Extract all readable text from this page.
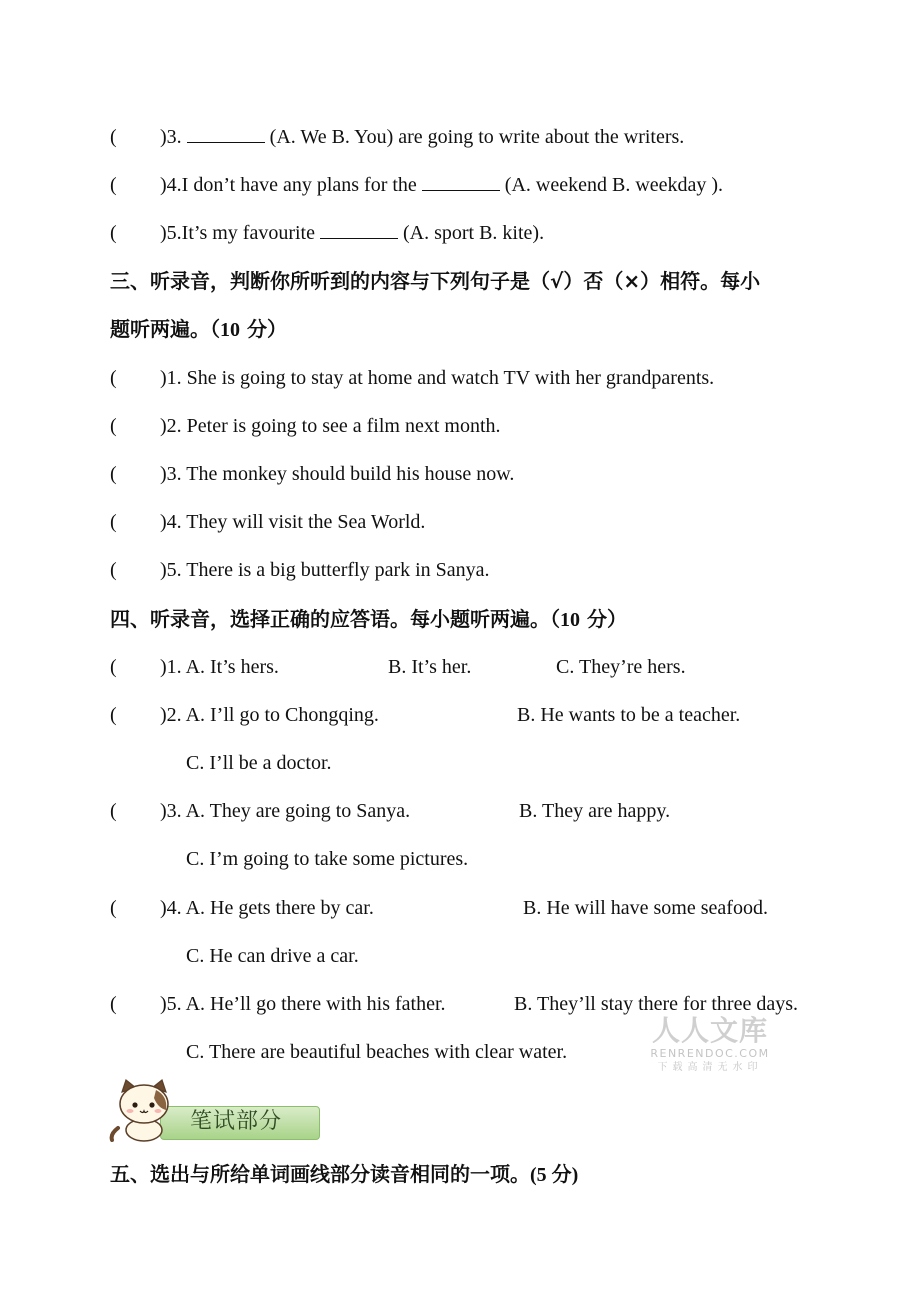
( )3.	(A. We B. You) are going to write about the writers.
( )4.I don’t have any plans for the	(A. weekend B. weekday ).
( )5.It’s my favourite	(A. sport B. kite).
三、听录音，判断你所听到的内容与下列句子是（√）否（×）相符。每小
题听两遍。（10 分）
( )1. She is going to stay at home and watch TV with her grandparents.
( )2. Peter is going to see a film next month.
( )3. The monkey should build his house now.
( )4. They will visit the Sea World.
( )5. There is a big butterfly park in Sanya.
四、听录音，选择正确的应答语。每小题听两遍。（10 分）
( )1. A. It’s hers.	B. It’s her.	C. They’re hers.
( )2. A. I’ll go to Chongqing.	B. He wants to be a teacher.
C. I’ll be a doctor.
( )3. A. They are going to Sanya.	B. They are happy.
C. I’m going to take some pictures.
( )4. A. He gets there by car.	B. He will have some seafood.
C. He can drive a car.
( )5. A. He’ll go there with his father.	B. They’ll stay there for three days.
C. There are beautiful beaches with clear water.
人人文库
RENRENDOC.COM
下载高清无水印
笔试部分
五、选出与所给单词画线部分读音相同的一项。(5 分)
